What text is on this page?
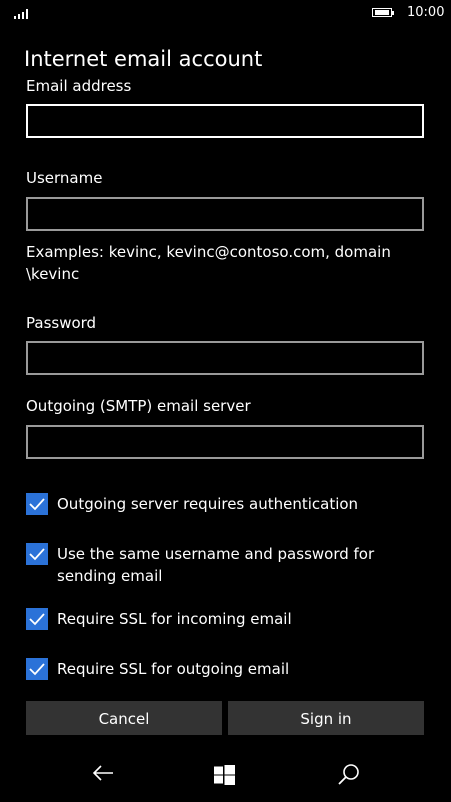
10:00
Internet email account
Email address
Username
Examples: kevinc, kevinc@contoso.com, domain \kevinc
Password
Outgoing (SMTP) email server
Outgoing server requires authentication
Use the same username and password for sending email
Require SSL for incoming email
Require SSL for outgoing email
Cancel	Sign in
